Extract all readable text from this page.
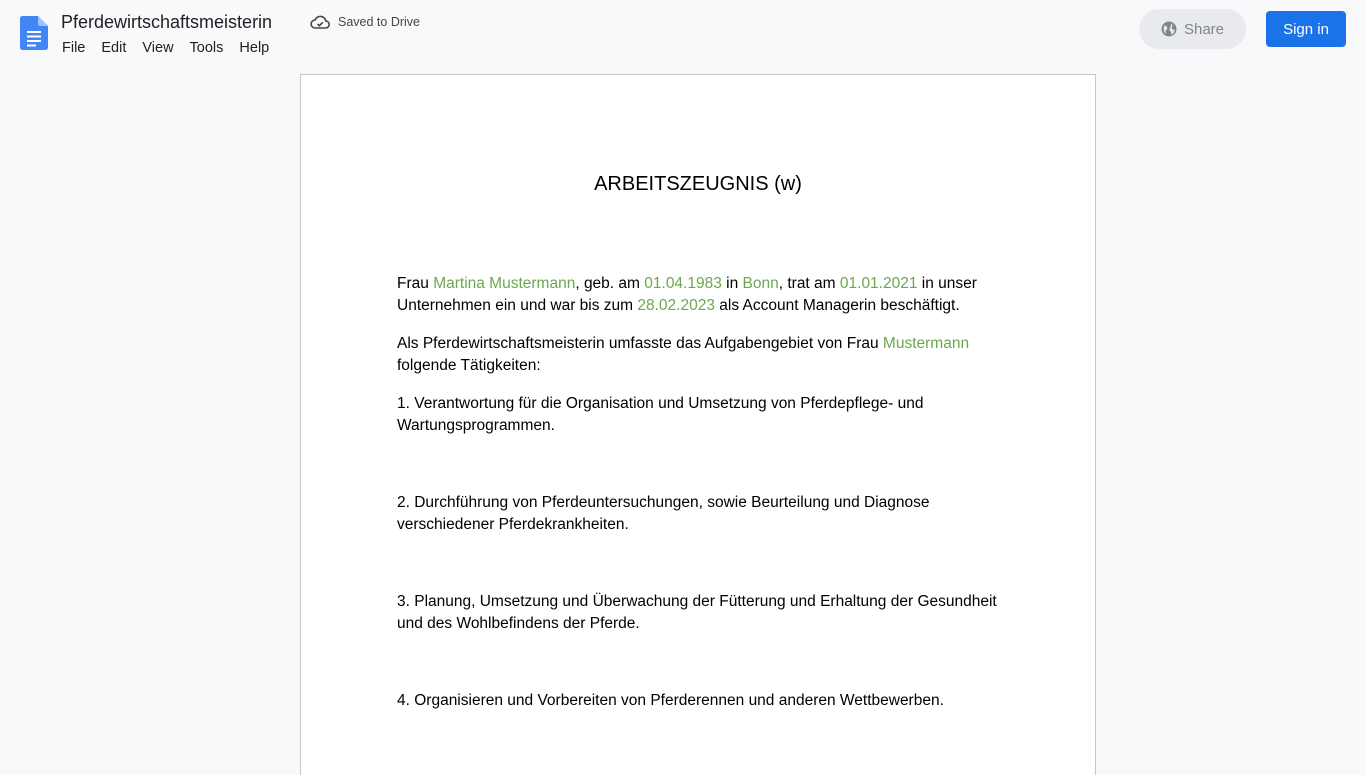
Pferdewirtschaftsmeisterin	Saved to Drive
File	Edit	View	Tools	Help
Share	Sign in

ARBEITSZEUGNIS (w)

Frau Martina Mustermann, geb. am 01.04.1983 in Bonn, trat am 01.01.2021 in unser Unternehmen ein und war bis zum 28.02.2023 als Account Managerin beschäftigt.

Als Pferdewirtschaftsmeisterin umfasste das Aufgabengebiet von Frau Mustermann folgende Tätigkeiten:

1. Verantwortung für die Organisation und Umsetzung von Pferdepflege- und Wartungsprogrammen.

2. Durchführung von Pferdeuntersuchungen, sowie Beurteilung und Diagnose verschiedener Pferdekrankheiten.

3. Planung, Umsetzung und Überwachung der Fütterung und Erhaltung der Gesundheit und des Wohlbefindens der Pferde.

4. Organisieren und Vorbereiten von Pferderennen und anderen Wettbewerben.
